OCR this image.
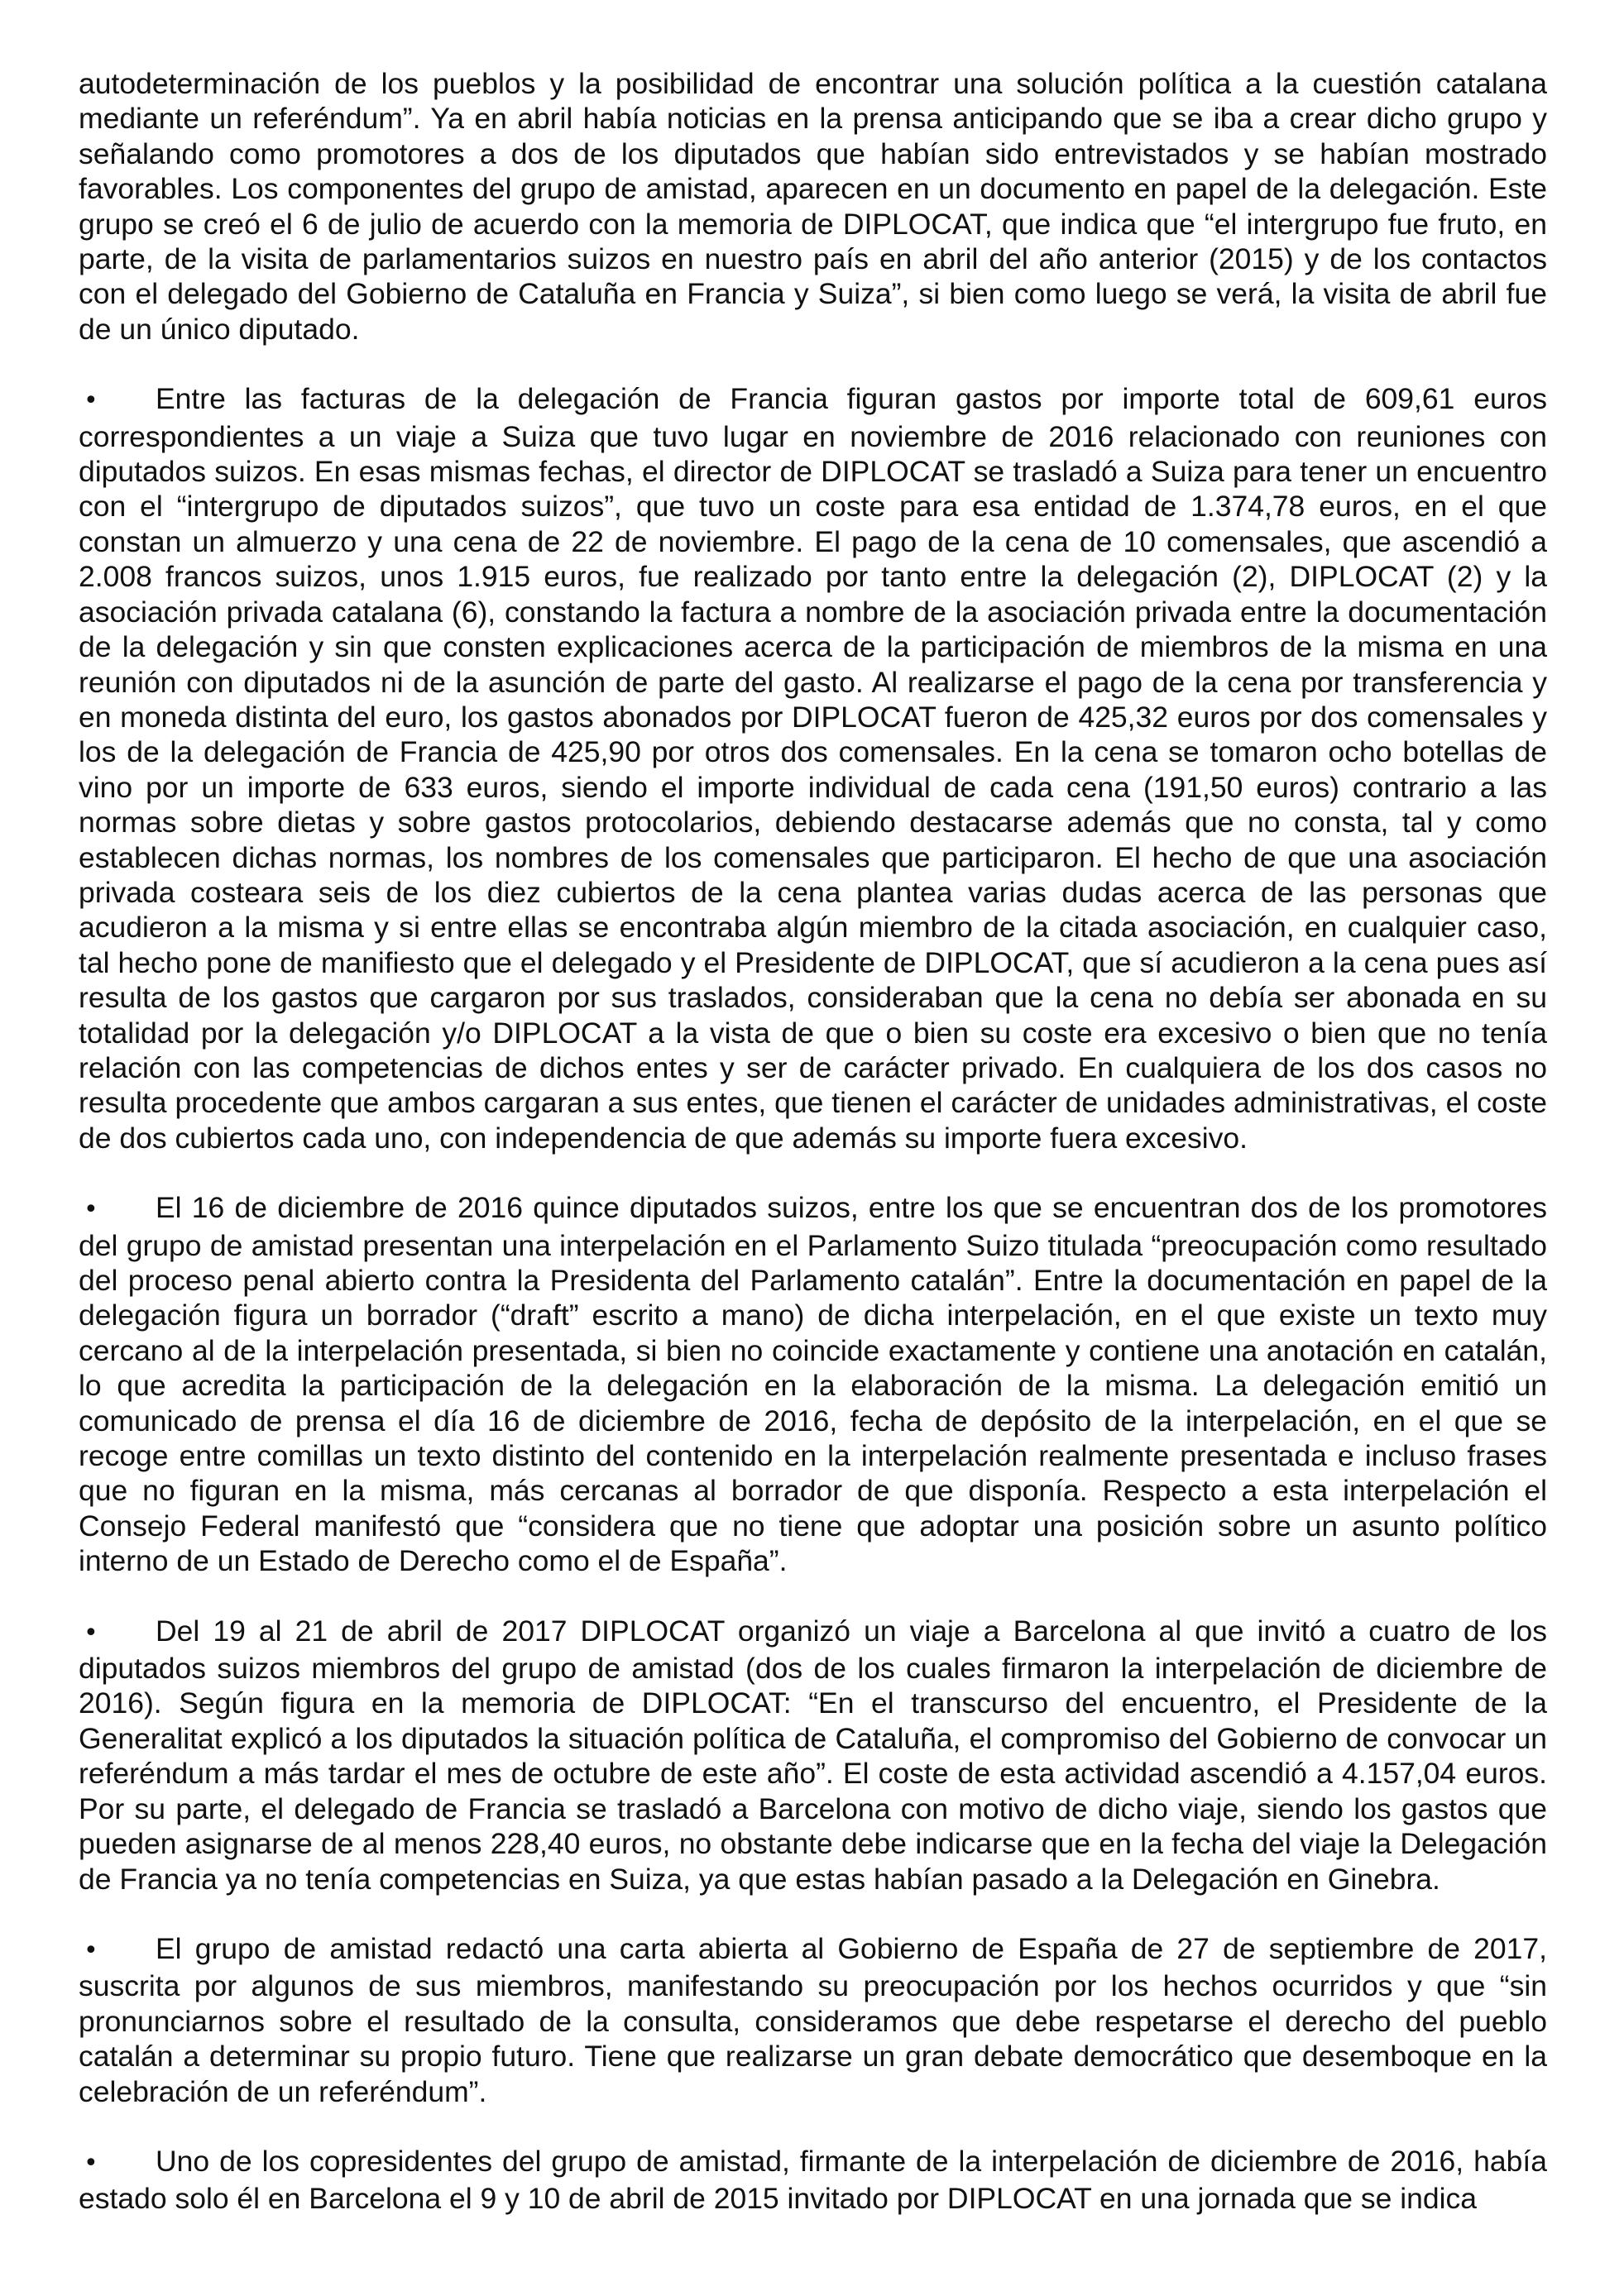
autodeterminación de los pueblos y la posibilidad de encontrar una solución política a la cuestión catalana mediante un referéndum”. Ya en abril había noticias en la prensa anticipando que se iba a crear dicho grupo y señalando como promotores a dos de los diputados que habían sido entrevistados y se habían mostrado favorables. Los componentes del grupo de amistad, aparecen en un documento en papel de la delegación. Este grupo se creó el 6 de julio de acuerdo con la memoria de DIPLOCAT, que indica que “el intergrupo fue fruto, en parte, de la visita de parlamentarios suizos en nuestro país en abril del año anterior (2015) y de los contactos con el delegado del Gobierno de Cataluña en Francia y Suiza”, si bien como luego se verá, la visita de abril fue de un único diputado.

•Entre las facturas de la delegación de Francia figuran gastos por importe total de 609,61 euros correspondientes a un viaje a Suiza que tuvo lugar en noviembre de 2016 relacionado con reuniones con diputados suizos. En esas mismas fechas, el director de DIPLOCAT se trasladó a Suiza para tener un encuentro con el “intergrupo de diputados suizos”, que tuvo un coste para esa entidad de 1.374,78 euros, en el que constan un almuerzo y una cena de 22 de noviembre. El pago de la cena de 10 comensales, que ascendió a 2.008 francos suizos, unos 1.915 euros, fue realizado por tanto entre la delegación (2), DIPLOCAT (2) y la asociación privada catalana (6), constando la factura a nombre de la asociación privada entre la documentación de la delegación y sin que consten explicaciones acerca de la participación de miembros de la misma en una reunión con diputados ni de la asunción de parte del gasto. Al realizarse el pago de la cena por transferencia y en moneda distinta del euro, los gastos abonados por DIPLOCAT fueron de 425,32 euros por dos comensales y los de la delegación de Francia de 425,90 por otros dos comensales. En la cena se tomaron ocho botellas de vino por un importe de 633 euros, siendo el importe individual de cada cena (191,50 euros) contrario a las normas sobre dietas y sobre gastos protocolarios, debiendo destacarse además que no consta, tal y como establecen dichas normas, los nombres de los comensales que participaron. El hecho de que una asociación privada costeara seis de los diez cubiertos de la cena plantea varias dudas acerca de las personas que acudieron a la misma y si entre ellas se encontraba algún miembro de la citada asociación, en cualquier caso, tal hecho pone de manifiesto que el delegado y el Presidente de DIPLOCAT, que sí acudieron a la cena pues así resulta de los gastos que cargaron por sus traslados, consideraban que la cena no debía ser abonada en su totalidad por la delegación y/o DIPLOCAT a la vista de que o bien su coste era excesivo o bien que no tenía relación con las competencias de dichos entes y ser de carácter privado. En cualquiera de los dos casos no resulta procedente que ambos cargaran a sus entes, que tienen el carácter de unidades administrativas, el coste de dos cubiertos cada uno, con independencia de que además su importe fuera excesivo.

•El 16 de diciembre de 2016 quince diputados suizos, entre los que se encuentran dos de los promotores del grupo de amistad presentan una interpelación en el Parlamento Suizo titulada “preocupación como resultado del proceso penal abierto contra la Presidenta del Parlamento catalán”. Entre la documentación en papel de la delegación figura un borrador (“draft” escrito a mano) de dicha interpelación, en el que existe un texto muy cercano al de la interpelación presentada, si bien no coincide exactamente y contiene una anotación en catalán, lo que acredita la participación de la delegación en la elaboración de la misma. La delegación emitió un comunicado de prensa el día 16 de diciembre de 2016, fecha de depósito de la interpelación, en el que se recoge entre comillas un texto distinto del contenido en la interpelación realmente presentada e incluso frases que no figuran en la misma, más cercanas al borrador de que disponía. Respecto a esta interpelación el Consejo Federal manifestó que “considera que no tiene que adoptar una posición sobre un asunto político interno de un Estado de Derecho como el de España”.

•Del 19 al 21 de abril de 2017 DIPLOCAT organizó un viaje a Barcelona al que invitó a cuatro de los diputados suizos miembros del grupo de amistad (dos de los cuales firmaron la interpelación de diciembre de 2016). Según figura en la memoria de DIPLOCAT: “En el transcurso del encuentro, el Presidente de la Generalitat explicó a los diputados la situación política de Cataluña, el compromiso del Gobierno de convocar un referéndum a más tardar el mes de octubre de este año”. El coste de esta actividad ascendió a 4.157,04 euros. Por su parte, el delegado de Francia se trasladó a Barcelona con motivo de dicho viaje, siendo los gastos que pueden asignarse de al menos 228,40 euros, no obstante debe indicarse que en la fecha del viaje la Delegación de Francia ya no tenía competencias en Suiza, ya que estas habían pasado a la Delegación en Ginebra.

•El grupo de amistad redactó una carta abierta al Gobierno de España de 27 de septiembre de 2017, suscrita por algunos de sus miembros, manifestando su preocupación por los hechos ocurridos y que “sin pronunciarnos sobre el resultado de la consulta, consideramos que debe respetarse el derecho del pueblo catalán a determinar su propio futuro. Tiene que realizarse un gran debate democrático que desemboque en la celebración de un referéndum”.

•Uno de los copresidentes del grupo de amistad, firmante de la interpelación de diciembre de 2016, había estado solo él en Barcelona el 9 y 10 de abril de 2015 invitado por DIPLOCAT en una jornada que se indica
